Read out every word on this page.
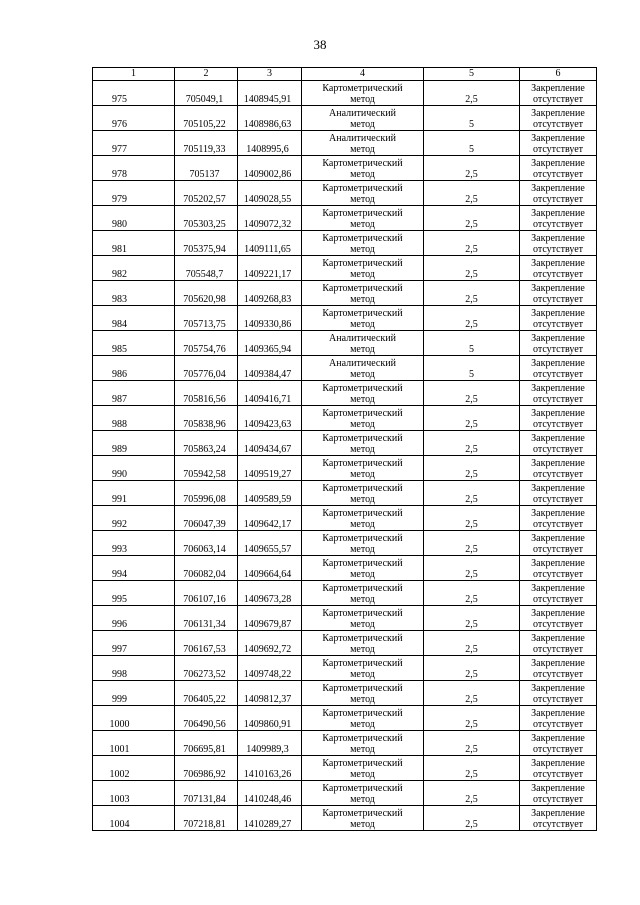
38
1	2	3	4	5	6

975	705049,1	1408945,91	Картометрический
метод	2,5	Закрепление
отсутствует

976	705105,22	1408986,63	Аналитический
метод	5	Закрепление
отсутствует

977	705119,33	1408995,6	Аналитический
метод	5	Закрепление
отсутствует

978	705137	1409002,86	Картометрический
метод	2,5	Закрепление
отсутствует

979	705202,57	1409028,55	Картометрический
метод	2,5	Закрепление
отсутствует

980	705303,25	1409072,32	Картометрический
метод	2,5	Закрепление
отсутствует

981	705375,94	1409111,65	Картометрический
метод	2,5	Закрепление
отсутствует

982	705548,7	1409221,17	Картометрический
метод	2,5	Закрепление
отсутствует

983	705620,98	1409268,83	Картометрический
метод	2,5	Закрепление
отсутствует

984	705713,75	1409330,86	Картометрический
метод	2,5	Закрепление
отсутствует

985	705754,76	1409365,94	Аналитический
метод	5	Закрепление
отсутствует

986	705776,04	1409384,47	Аналитический
метод	5	Закрепление
отсутствует

987	705816,56	1409416,71	Картометрический
метод	2,5	Закрепление
отсутствует

988	705838,96	1409423,63	Картометрический
метод	2,5	Закрепление
отсутствует

989	705863,24	1409434,67	Картометрический
метод	2,5	Закрепление
отсутствует

990	705942,58	1409519,27	Картометрический
метод	2,5	Закрепление
отсутствует

991	705996,08	1409589,59	Картометрический
метод	2,5	Закрепление
отсутствует

992	706047,39	1409642,17	Картометрический
метод	2,5	Закрепление
отсутствует

993	706063,14	1409655,57	Картометрический
метод	2,5	Закрепление
отсутствует

994	706082,04	1409664,64	Картометрический
метод	2,5	Закрепление
отсутствует

995	706107,16	1409673,28	Картометрический
метод	2,5	Закрепление
отсутствует

996	706131,34	1409679,87	Картометрический
метод	2,5	Закрепление
отсутствует

997	706167,53	1409692,72	Картометрический
метод	2,5	Закрепление
отсутствует

998	706273,52	1409748,22	Картометрический
метод	2,5	Закрепление
отсутствует

999	706405,22	1409812,37	Картометрический
метод	2,5	Закрепление
отсутствует

1000	706490,56	1409860,91	Картометрический
метод	2,5	Закрепление
отсутствует

1001	706695,81	1409989,3	Картометрический
метод	2,5	Закрепление
отсутствует

1002	706986,92	1410163,26	Картометрический
метод	2,5	Закрепление
отсутствует

1003	707131,84	1410248,46	Картометрический
метод	2,5	Закрепление
отсутствует

1004	707218,81	1410289,27	Картометрический
метод	2,5	Закрепление
отсутствует
